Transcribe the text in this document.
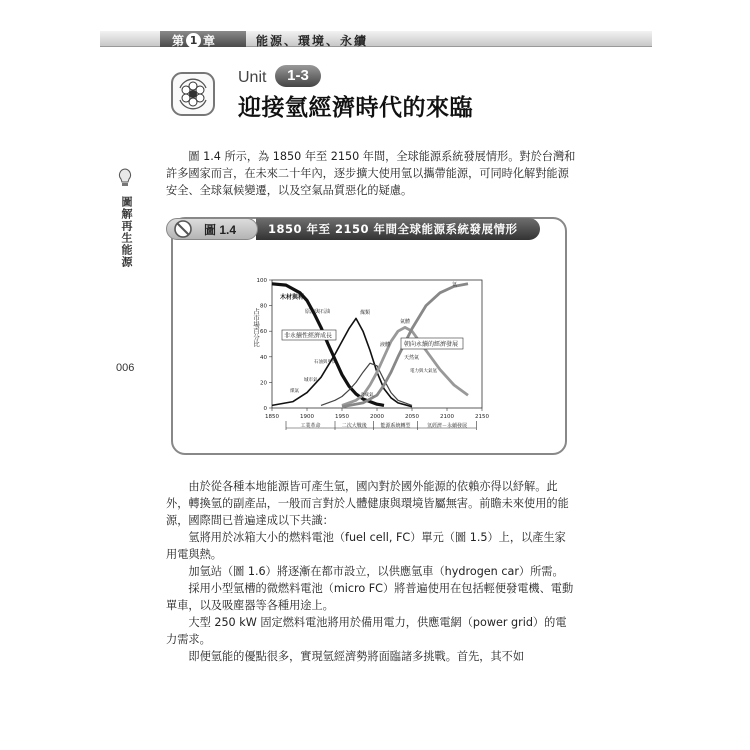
第 1 章	能源、環境、永續
Unit	1-3
迎接氫經濟時代的來臨
圖解再生能源
006

圖 1.4 所示，為 1850 年至 2150 年間，全球能源系統發展情形。對於台灣和許多國家而言，在未來二十年內，逐步擴大使用氫以攜帶能源，可同時化解對能源安全、全球氣候變遷，以及空氣品質惡化的疑慮。

圖 1.4	1850 年至 2150 年間全球能源系統發展情形
0
20
40
60
80
100
1850	1900	1950	2000	2050	2100	2150
占市場百分比	非永續性經濟成長
朝向永續的經濟發展
木材與稈
原油與石油	煤類
氣體
氫
液體
天然氣
石油與甲烷
城市氣
煤氣
合成氣
電力與大氣氫
工業革命	二次大戰後	能源系統轉型	氫經濟－永續發展

由於從各種本地能源皆可產生氫，國內對於國外能源的依賴亦得以紓解。此外，轉換氫的副產品，一般而言對於人體健康與環境皆屬無害。前瞻未來使用的能源，國際間已普遍達成以下共識：

氫將用於冰箱大小的燃料電池（fuel cell, FC）單元（圖 1.5）上，以產生家用電與熱。

加氫站（圖 1.6）將逐漸在都市設立，以供應氫車（hydrogen car）所需。

採用小型氫槽的微燃料電池（micro FC）將普遍使用在包括輕便發電機、電動單車，以及吸塵器等各種用途上。

大型 250 kW 固定燃料電池將用於備用電力，供應電網（power grid）的電力需求。

即便氫能的優點很多，實現氫經濟勢將面臨諸多挑戰。首先，其不如
